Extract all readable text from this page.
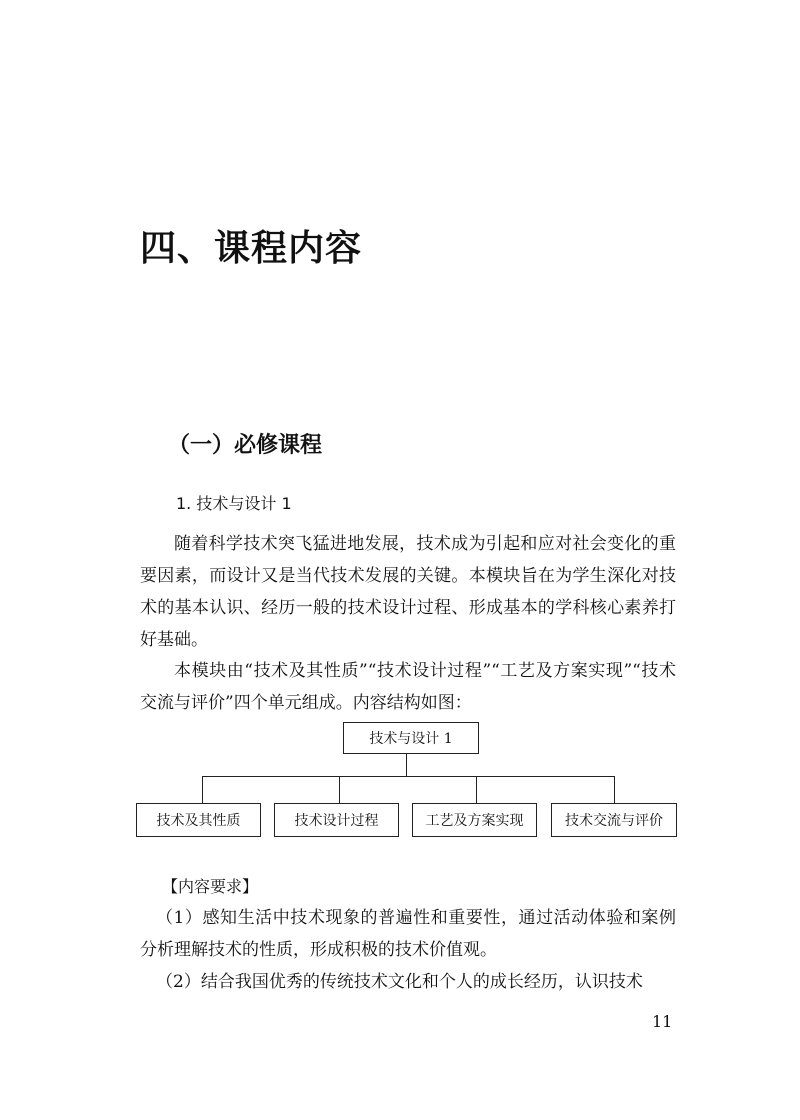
四、课程内容
（一）必修课程
1. 技术与设计 1
随着科学技术突飞猛进地发展，技术成为引起和应对社会变化的重要因素，而设计又是当代技术发展的关键。本模块旨在为学生深化对技术的基本认识、经历一般的技术设计过程、形成基本的学科核心素养打好基础。
本模块由“技术及其性质”“技术设计过程”“工艺及方案实现”“技术交流与评价”四个单元组成。内容结构如图：
技术与设计 1
技术及其性质	技术设计过程	工艺及方案实现	技术交流与评价
【内容要求】
（1）感知生活中技术现象的普遍性和重要性，通过活动体验和案例分析理解技术的性质，形成积极的技术价值观。
（2）结合我国优秀的传统技术文化和个人的成长经历，认识技术
11
